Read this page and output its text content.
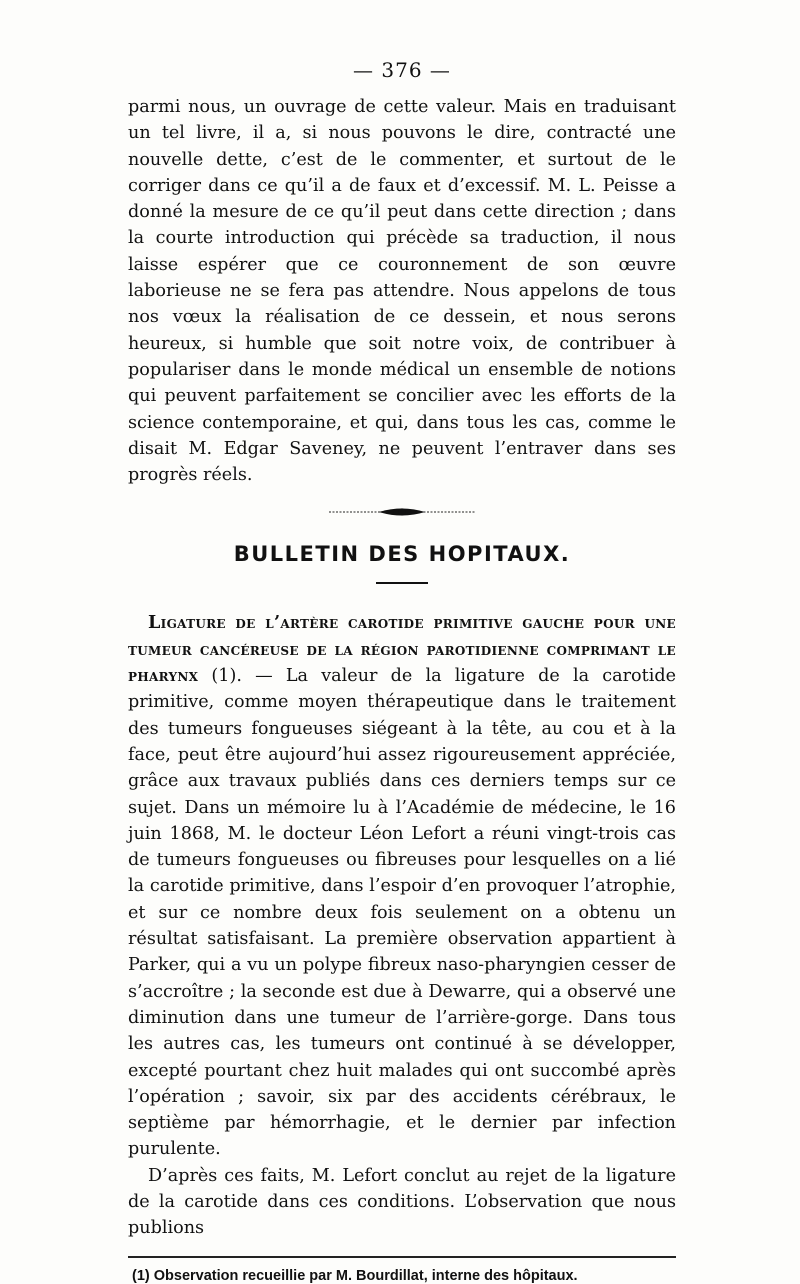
— 376 —

parmi nous, un ouvrage de cette valeur. Mais en traduisant un tel livre, il a, si nous pouvons le dire, contracté une nouvelle dette, c’est de le commenter, et surtout de le corriger dans ce qu’il a de faux et d’excessif. M. L. Peisse a donné la mesure de ce qu’il peut dans cette direction ; dans la courte introduction qui précède sa traduction, il nous laisse espérer que ce couronnement de son œuvre laborieuse ne se fera pas attendre. Nous appelons de tous nos vœux la réalisation de ce dessein, et nous serons heureux, si humble que soit notre voix, de contribuer à populariser dans le monde médical un ensemble de notions qui peuvent parfaitement se concilier avec les efforts de la science contemporaine, et qui, dans tous les cas, comme le disait M. Edgar Saveney, ne peuvent l’entraver dans ses progrès réels.

BULLETIN DES HOPITAUX.

Ligature de l’artère carotide primitive gauche pour une tumeur cancéreuse de la région parotidienne comprimant le pharynx (1). — La valeur de la ligature de la carotide primitive, comme moyen thérapeutique dans le traitement des tumeurs fongueuses siégeant à la tête, au cou et à la face, peut être aujourd’hui assez rigoureusement appréciée, grâce aux travaux publiés dans ces derniers temps sur ce sujet. Dans un mémoire lu à l’Académie de médecine, le 16 juin 1868, M. le docteur Léon Lefort a réuni vingt-trois cas de tumeurs fongueuses ou fibreuses pour lesquelles on a lié la carotide primitive, dans l’espoir d’en provoquer l’atrophie, et sur ce nombre deux fois seulement on a obtenu un résultat satisfaisant. La première observation appartient à Parker, qui a vu un polype fibreux naso-pharyngien cesser de s’accroître ; la seconde est due à Dewarre, qui a observé une diminution dans une tumeur de l’arrière-gorge. Dans tous les autres cas, les tumeurs ont continué à se développer, excepté pourtant chez huit malades qui ont succombé après l’opération ; savoir, six par des accidents cérébraux, le septième par hémorrhagie, et le dernier par infection purulente.

D’après ces faits, M. Lefort conclut au rejet de la ligature de la carotide dans ces conditions. L’observation que nous publions

(1) Observation recueillie par M. Bourdillat, interne des hôpitaux.
